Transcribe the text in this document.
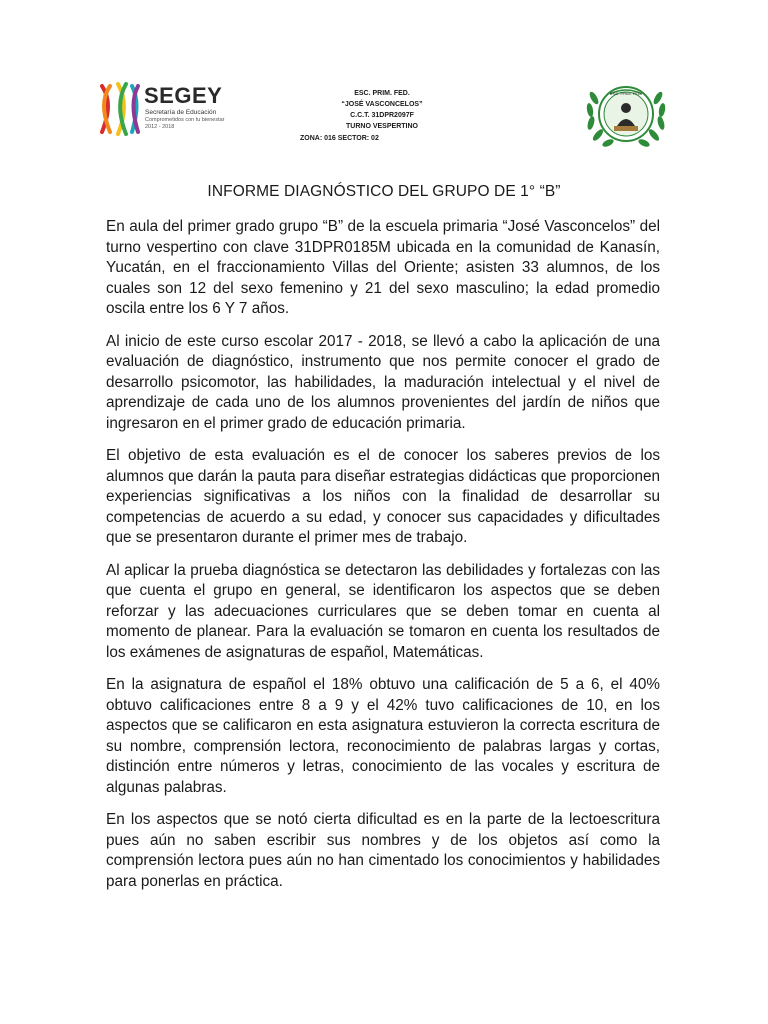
SEGEY
Secretaría de Educación
Comprometidos con tu bienestar
2012 - 2018
ESC. PRIM. FED.
“JOSÉ VASCONCELOS”
C.C.T. 31DPR2097F
TURNO VESPERTINO
ZONA: 016 SECTOR: 02
ESC. PRIM. FED.
INFORME DIAGNÓSTICO DEL GRUPO DE 1° “B”

En aula del primer grado grupo “B” de la escuela primaria “José Vasconcelos” del turno vespertino con clave 31DPR0185M ubicada en la comunidad de Kanasín, Yucatán, en el fraccionamiento Villas del Oriente; asisten 33 alumnos, de los cuales son 12 del sexo femenino y 21 del sexo masculino; la edad promedio oscila entre los 6 Y 7 años.

Al inicio de este curso escolar 2017 - 2018, se llevó a cabo la aplicación de una evaluación de diagnóstico, instrumento que nos permite conocer el grado de desarrollo psicomotor, las habilidades, la maduración intelectual y el nivel de aprendizaje de cada uno de los alumnos provenientes del jardín de niños que ingresaron en el primer grado de educación primaria.

El objetivo de esta evaluación es el de conocer los saberes previos de los alumnos que darán la pauta para diseñar estrategias didácticas que proporcionen experiencias significativas a los niños con la finalidad de desarrollar su competencias de acuerdo a su edad, y conocer sus capacidades y dificultades que se presentaron durante el primer mes de trabajo.

Al aplicar la prueba diagnóstica se detectaron las debilidades y fortalezas con las que cuenta el grupo en general, se identificaron los aspectos que se deben reforzar y las adecuaciones curriculares que se deben tomar en cuenta al momento de planear. Para la evaluación se tomaron en cuenta los resultados de los exámenes de asignaturas de español, Matemáticas.

En la asignatura de español el 18% obtuvo una calificación de 5 a 6, el 40% obtuvo calificaciones entre 8 a 9 y el 42% tuvo calificaciones de 10, en los aspectos que se calificaron en esta asignatura estuvieron la correcta escritura de su nombre, comprensión lectora, reconocimiento de palabras largas y cortas, distinción entre números y letras, conocimiento de las vocales y escritura de algunas palabras.

En los aspectos que se notó cierta dificultad es en la parte de la lectoescritura pues aún no saben escribir sus nombres y de los objetos así como la comprensión lectora pues aún no han cimentado los conocimientos y habilidades para ponerlas en práctica.
